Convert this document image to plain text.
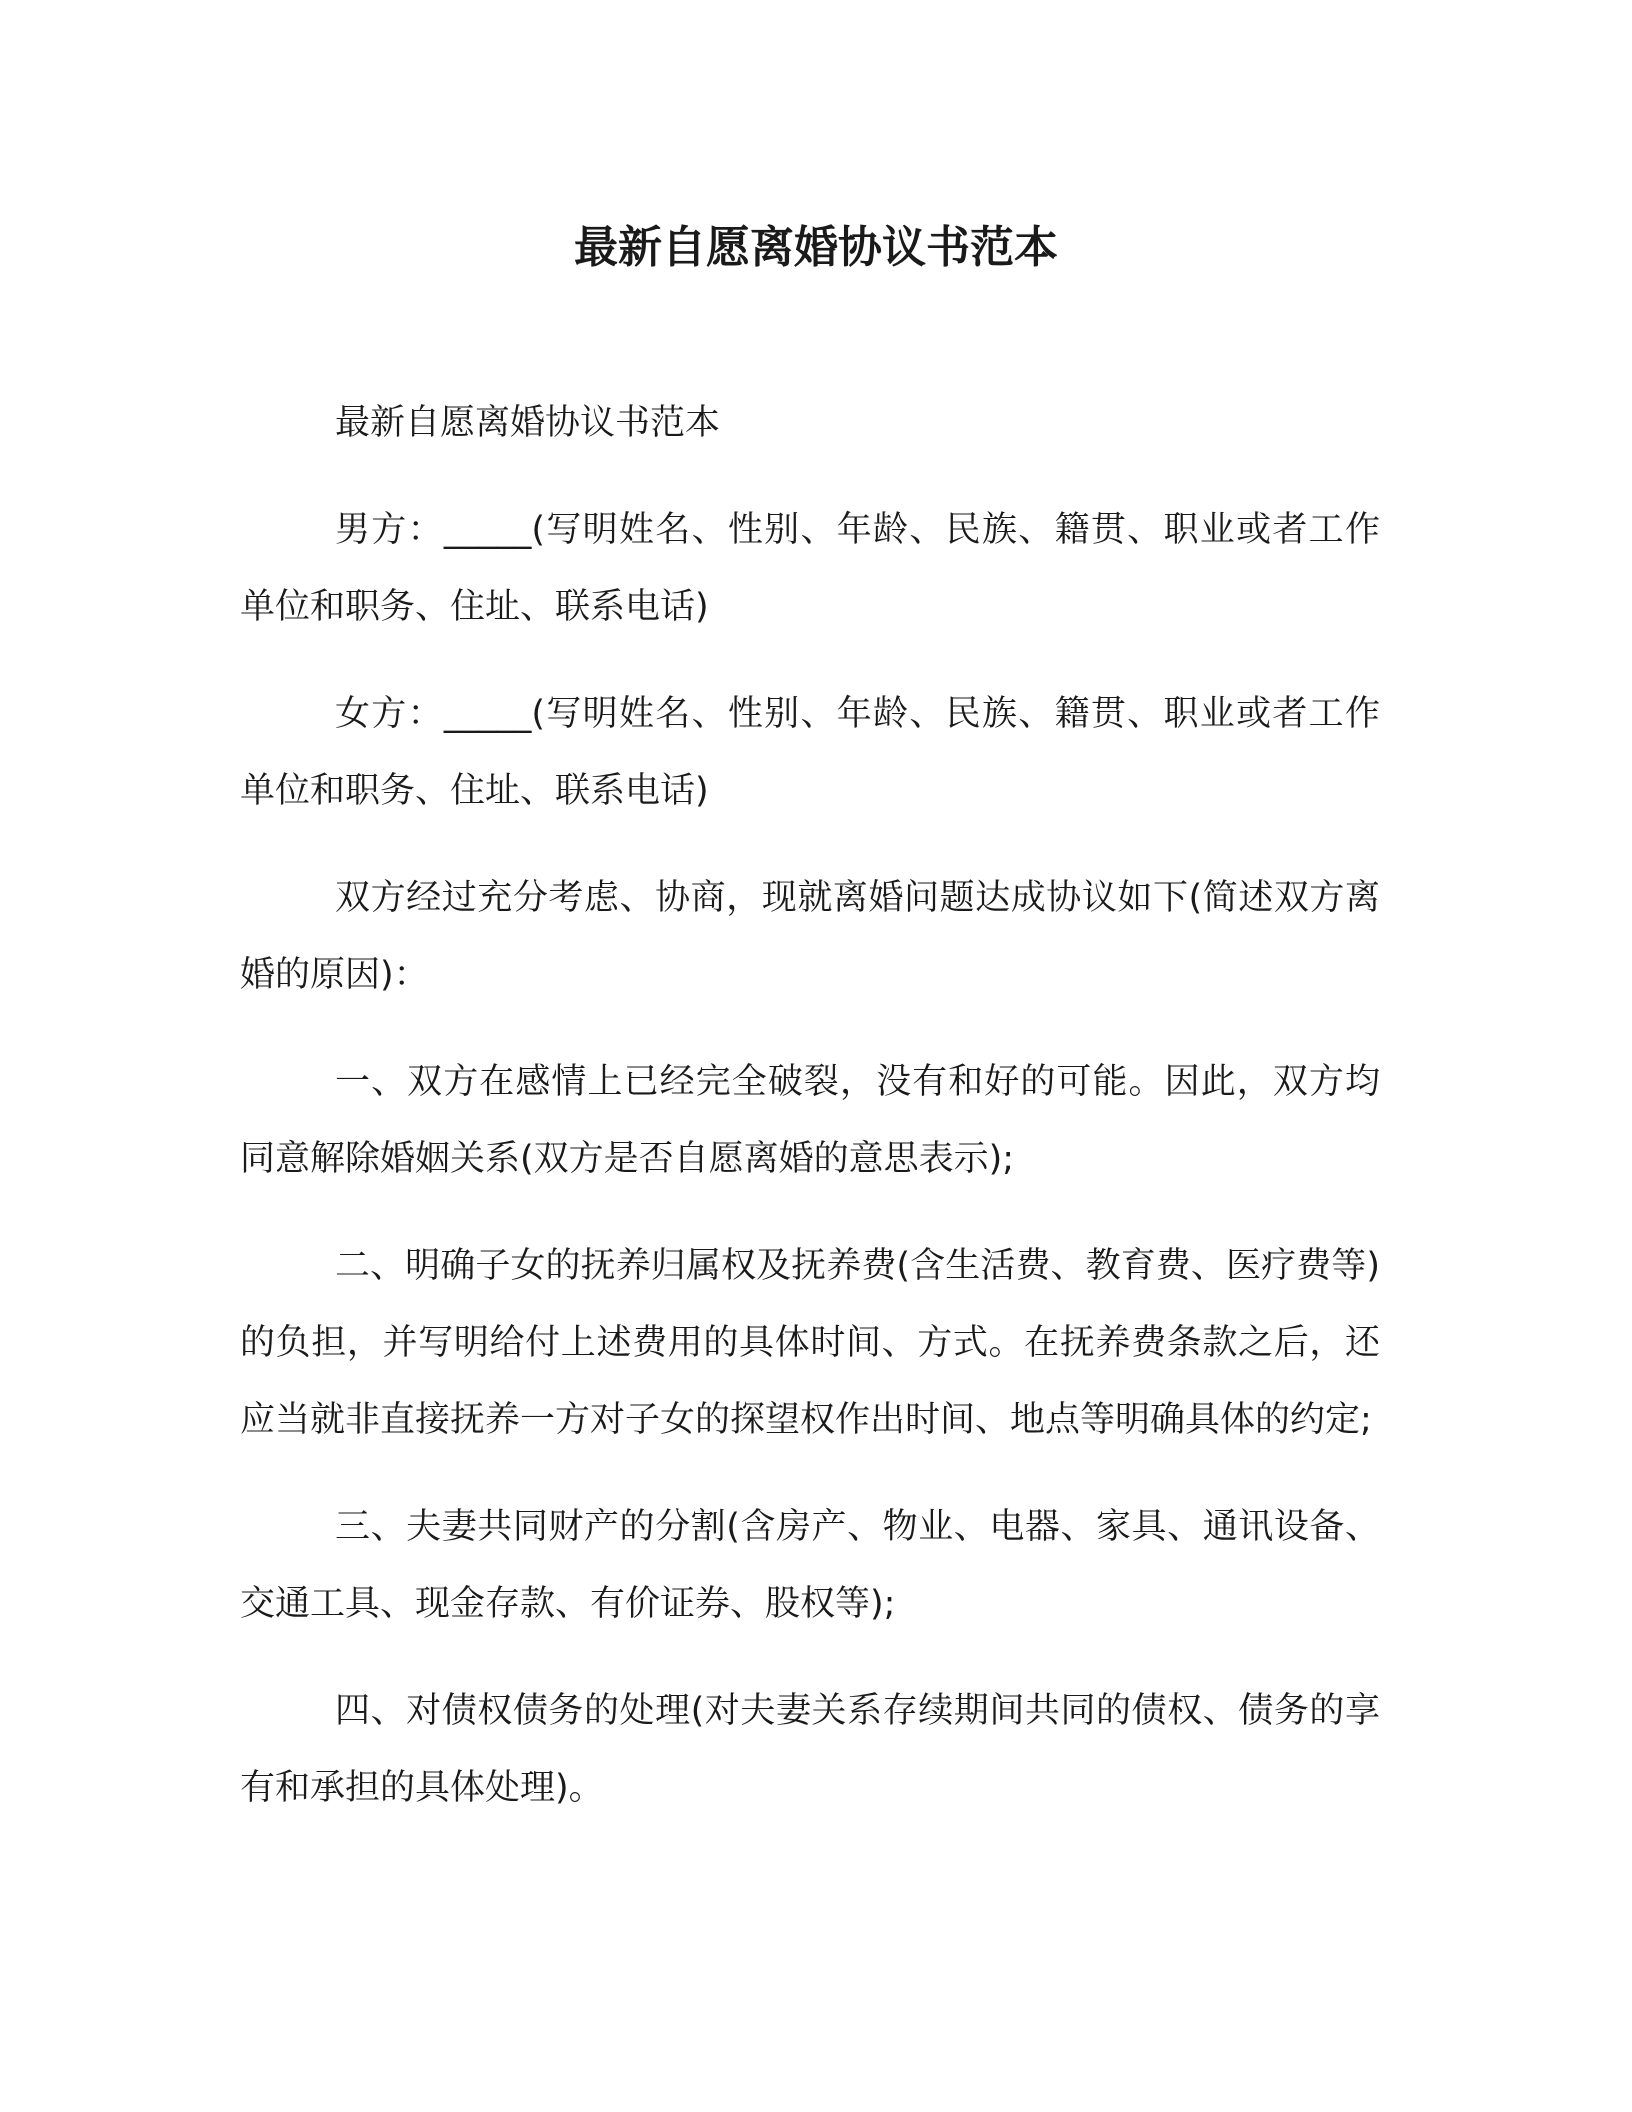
最新自愿离婚协议书范本

最新自愿离婚协议书范本

男方：_____(写明姓名、性别、年龄、民族、籍贯、职业或者工作单位和职务、住址、联系电话)

女方：_____(写明姓名、性别、年龄、民族、籍贯、职业或者工作单位和职务、住址、联系电话)

双方经过充分考虑、协商，现就离婚问题达成协议如下(简述双方离婚的原因)：

一、双方在感情上已经完全破裂，没有和好的可能。因此，双方均同意解除婚姻关系(双方是否自愿离婚的意思表示);

二、明确子女的抚养归属权及抚养费(含生活费、教育费、医疗费等)的负担，并写明给付上述费用的具体时间、方式。在抚养费条款之后，还应当就非直接抚养一方对子女的探望权作出时间、地点等明确具体的约定;

三、夫妻共同财产的分割(含房产、物业、电器、家具、通讯设备、交通工具、现金存款、有价证券、股权等);

四、对债权债务的处理(对夫妻关系存续期间共同的债权、债务的享有和承担的具体处理)。
